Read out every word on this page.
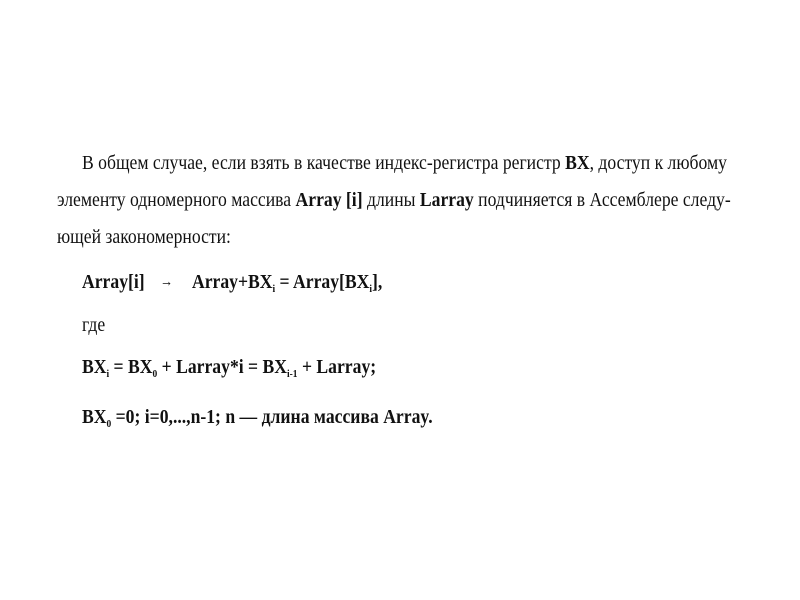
В общем случае, если взять в качестве индекс-регистра регистр BX, доступ к любому
элементу одномерного массива Array [i] длины Larray подчиняется в Ассемблере следу-
ющей закономерности:
Array[i] → $Array+BX_i$ = $Array[BX_i]$,
где
$BX_i = BX_0$ + Larray*i = $BX_{i-1}$ + Larray;
$BX_0 =0$; i=0,...,n-1; n — длина массива Array.
